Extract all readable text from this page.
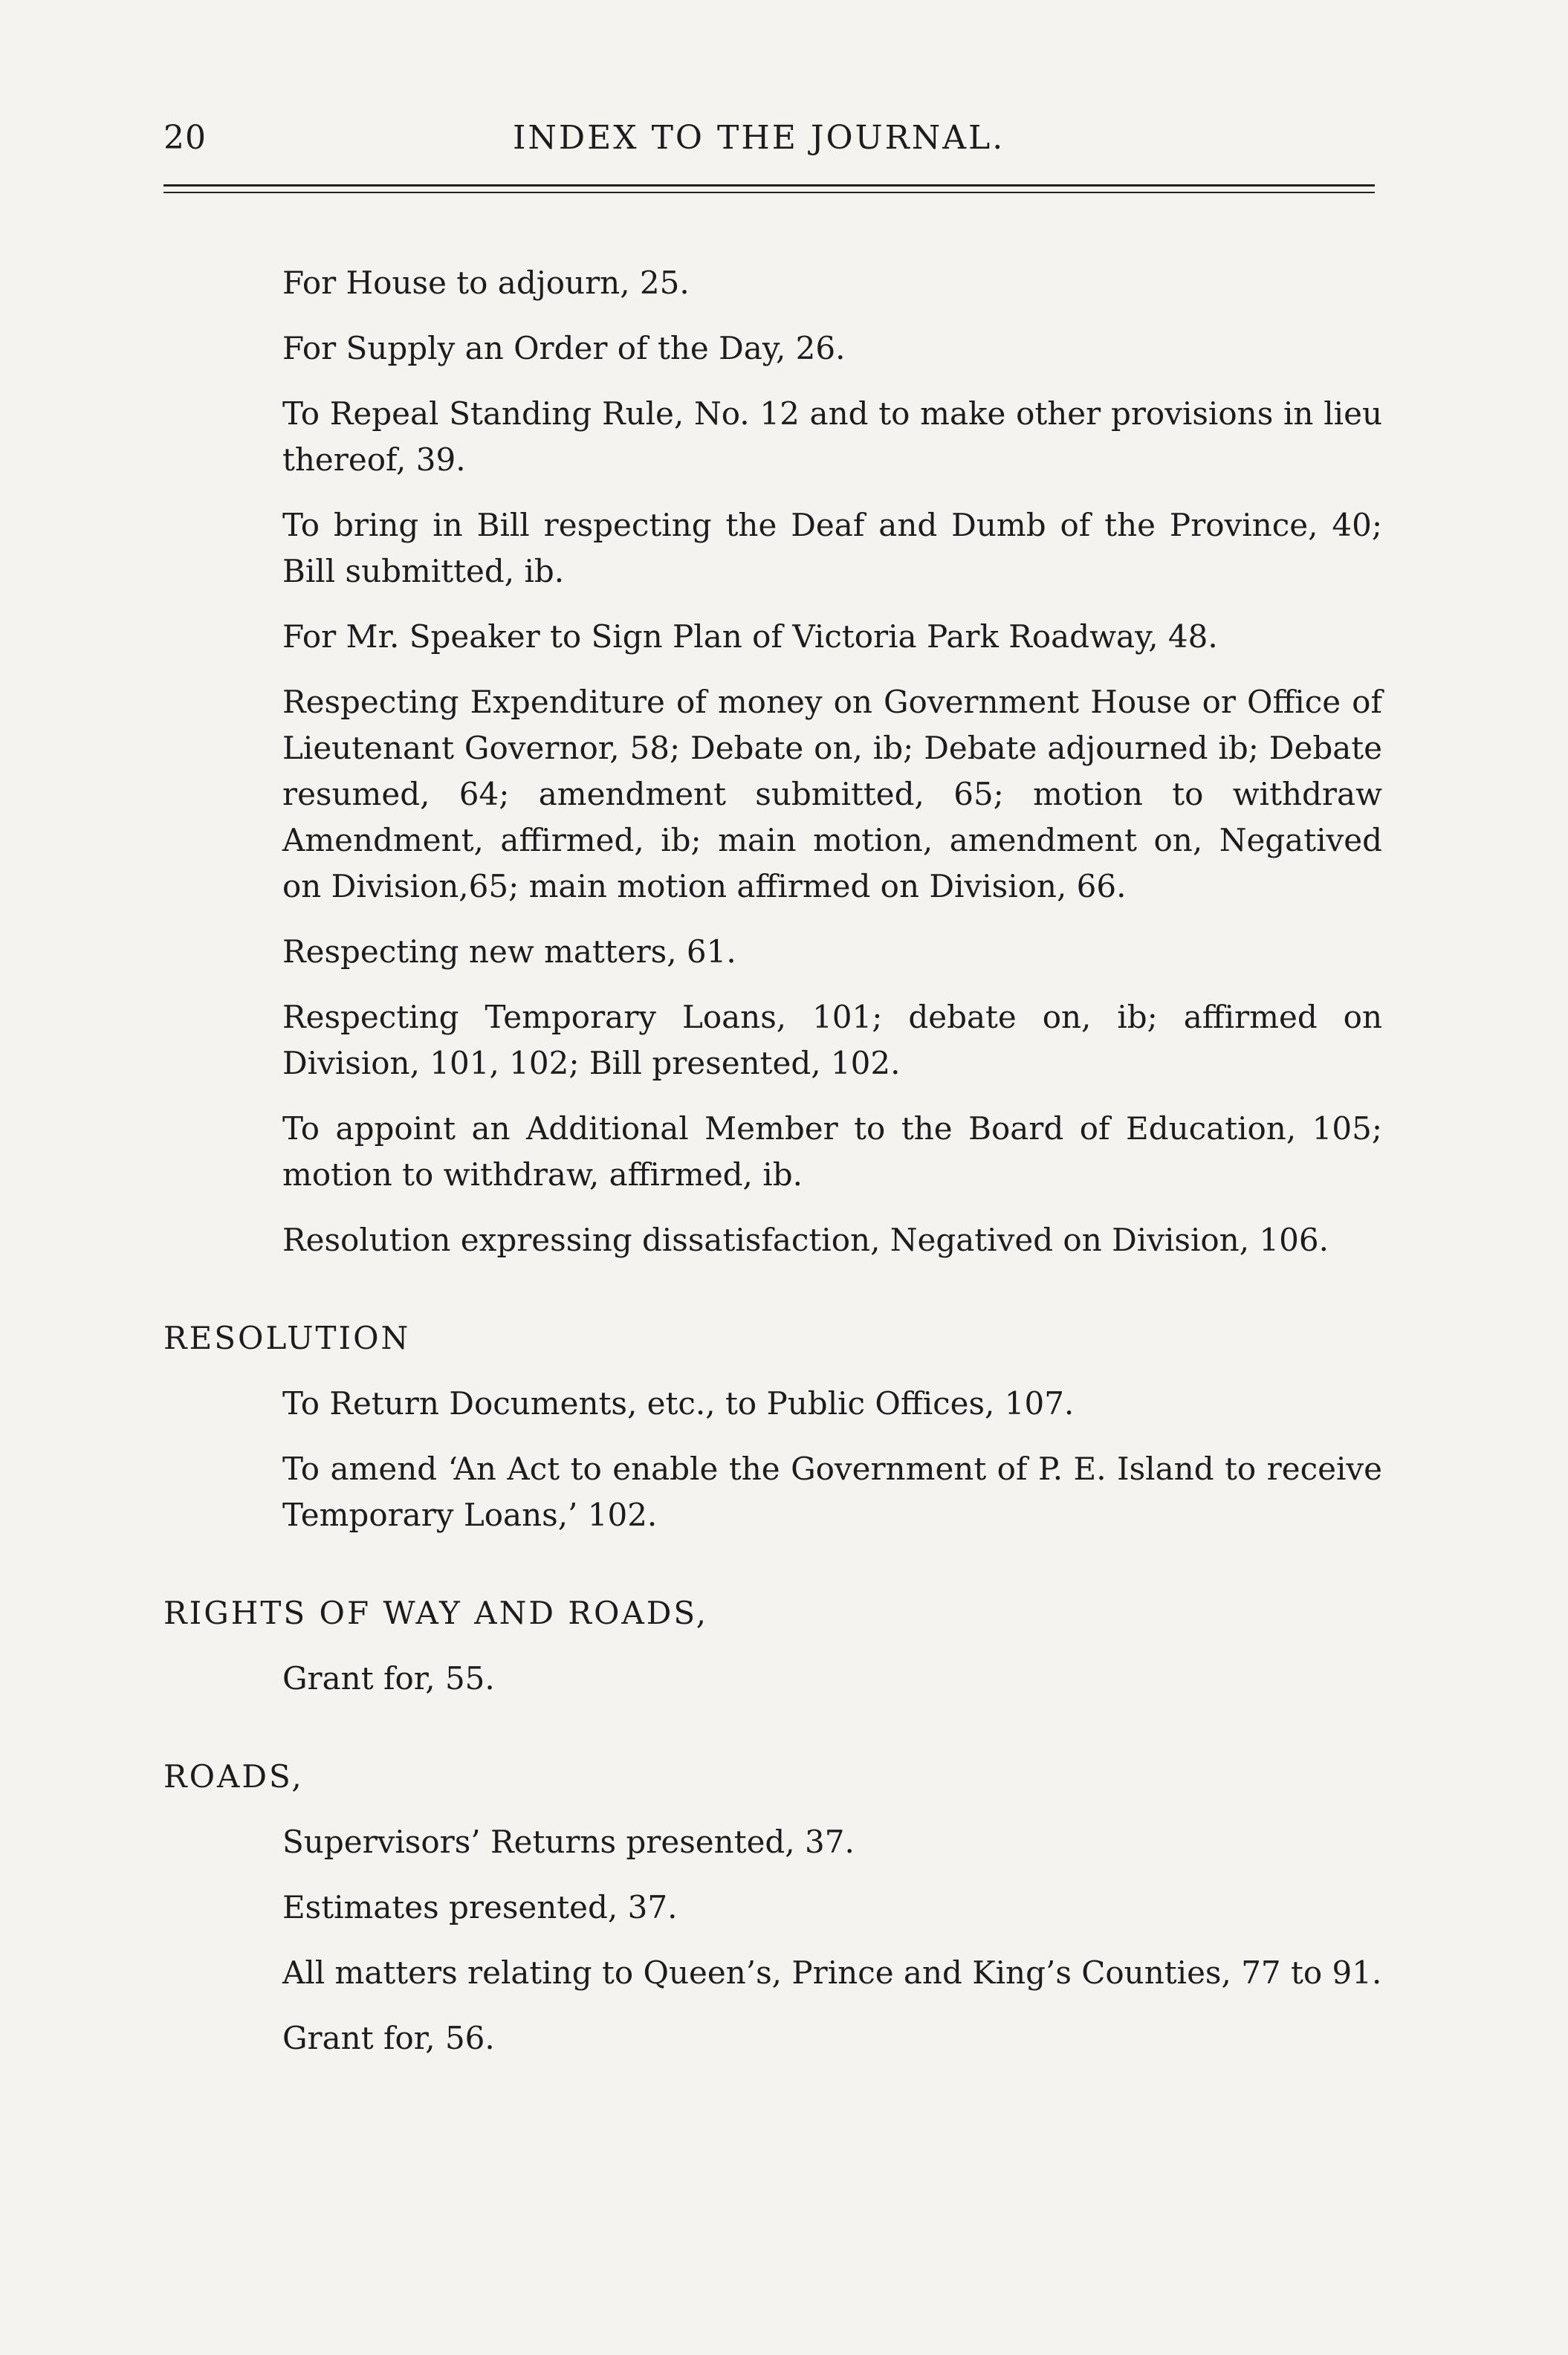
20	INDEX TO THE JOURNAL.

For House to adjourn, 25.

For Supply an Order of the Day, 26.

To Repeal Standing Rule, No. 12 and to make other provisions in lieu thereof, 39.

To bring in Bill respecting the Deaf and Dumb of the Province, 40; Bill submitted, ib.

For Mr. Speaker to Sign Plan of Victoria Park Roadway, 48.

Respecting Expenditure of money on Government House or Office of Lieutenant Governor, 58; Debate on, ib; Debate adjourned ib; Debate resumed, 64; amendment submitted, 65; motion to withdraw Amendment, affirmed, ib; main motion, amendment on, Negatived on Division,65; main motion affirmed on Division, 66.

Respecting new matters, 61.

Respecting Temporary Loans, 101; debate on, ib; affirmed on Division, 101, 102; Bill presented, 102.

To appoint an Additional Member to the Board of Education, 105; motion to withdraw, affirmed, ib.

Resolution expressing dissatisfaction, Negatived on Division, 106.

RESOLUTION

To Return Documents, etc., to Public Offices, 107.

To amend ‘An Act to enable the Government of P. E. Island to receive Temporary Loans,’ 102.

RIGHTS OF WAY AND ROADS,

Grant for, 55.

ROADS,

Supervisors’ Returns presented, 37.

Estimates presented, 37.

All matters relating to Queen’s, Prince and King’s Counties, 77 to 91.

Grant for, 56.
